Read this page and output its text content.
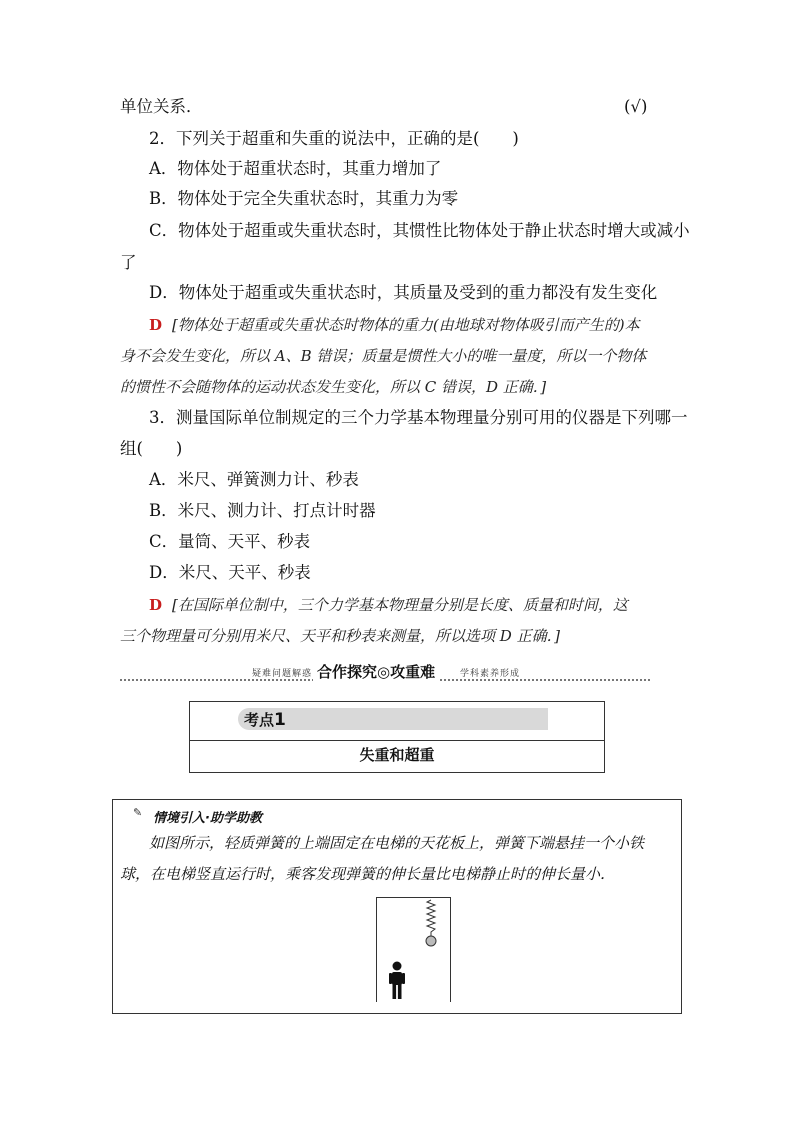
单位关系．	(√)
2．下列关于超重和失重的说法中，正确的是(　　)
A．物体处于超重状态时，其重力增加了
B．物体处于完全失重状态时，其重力为零
C．物体处于超重或失重状态时，其惯性比物体处于静止状态时增大或减小
了
D．物体处于超重或失重状态时，其质量及受到的重力都没有发生变化
D [物体处于超重或失重状态时物体的重力(由地球对物体吸引而产生的)本
身不会发生变化，所以 A、B 错误；质量是惯性大小的唯一量度，所以一个物体
的惯性不会随物体的运动状态发生变化，所以 C 错误，D 正确．]
3．测量国际单位制规定的三个力学基本物理量分别可用的仪器是下列哪一
组(　　)
A．米尺、弹簧测力计、秒表
B．米尺、测力计、打点计时器
C．量筒、天平、秒表
D．米尺、天平、秒表
D [在国际单位制中，三个力学基本物理量分别是长度、质量和时间，这
三个物理量可分别用米尺、天平和秒表来测量，所以选项 D 正确．]
疑难问题解惑 合作探究◎攻重难	学科素养形成
考点1
失重和超重
✎ 情境引入·助学助教
如图所示，轻质弹簧的上端固定在电梯的天花板上，弹簧下端悬挂一个小铁
球，在电梯竖直运行时，乘客发现弹簧的伸长量比电梯静止时的伸长量小．
